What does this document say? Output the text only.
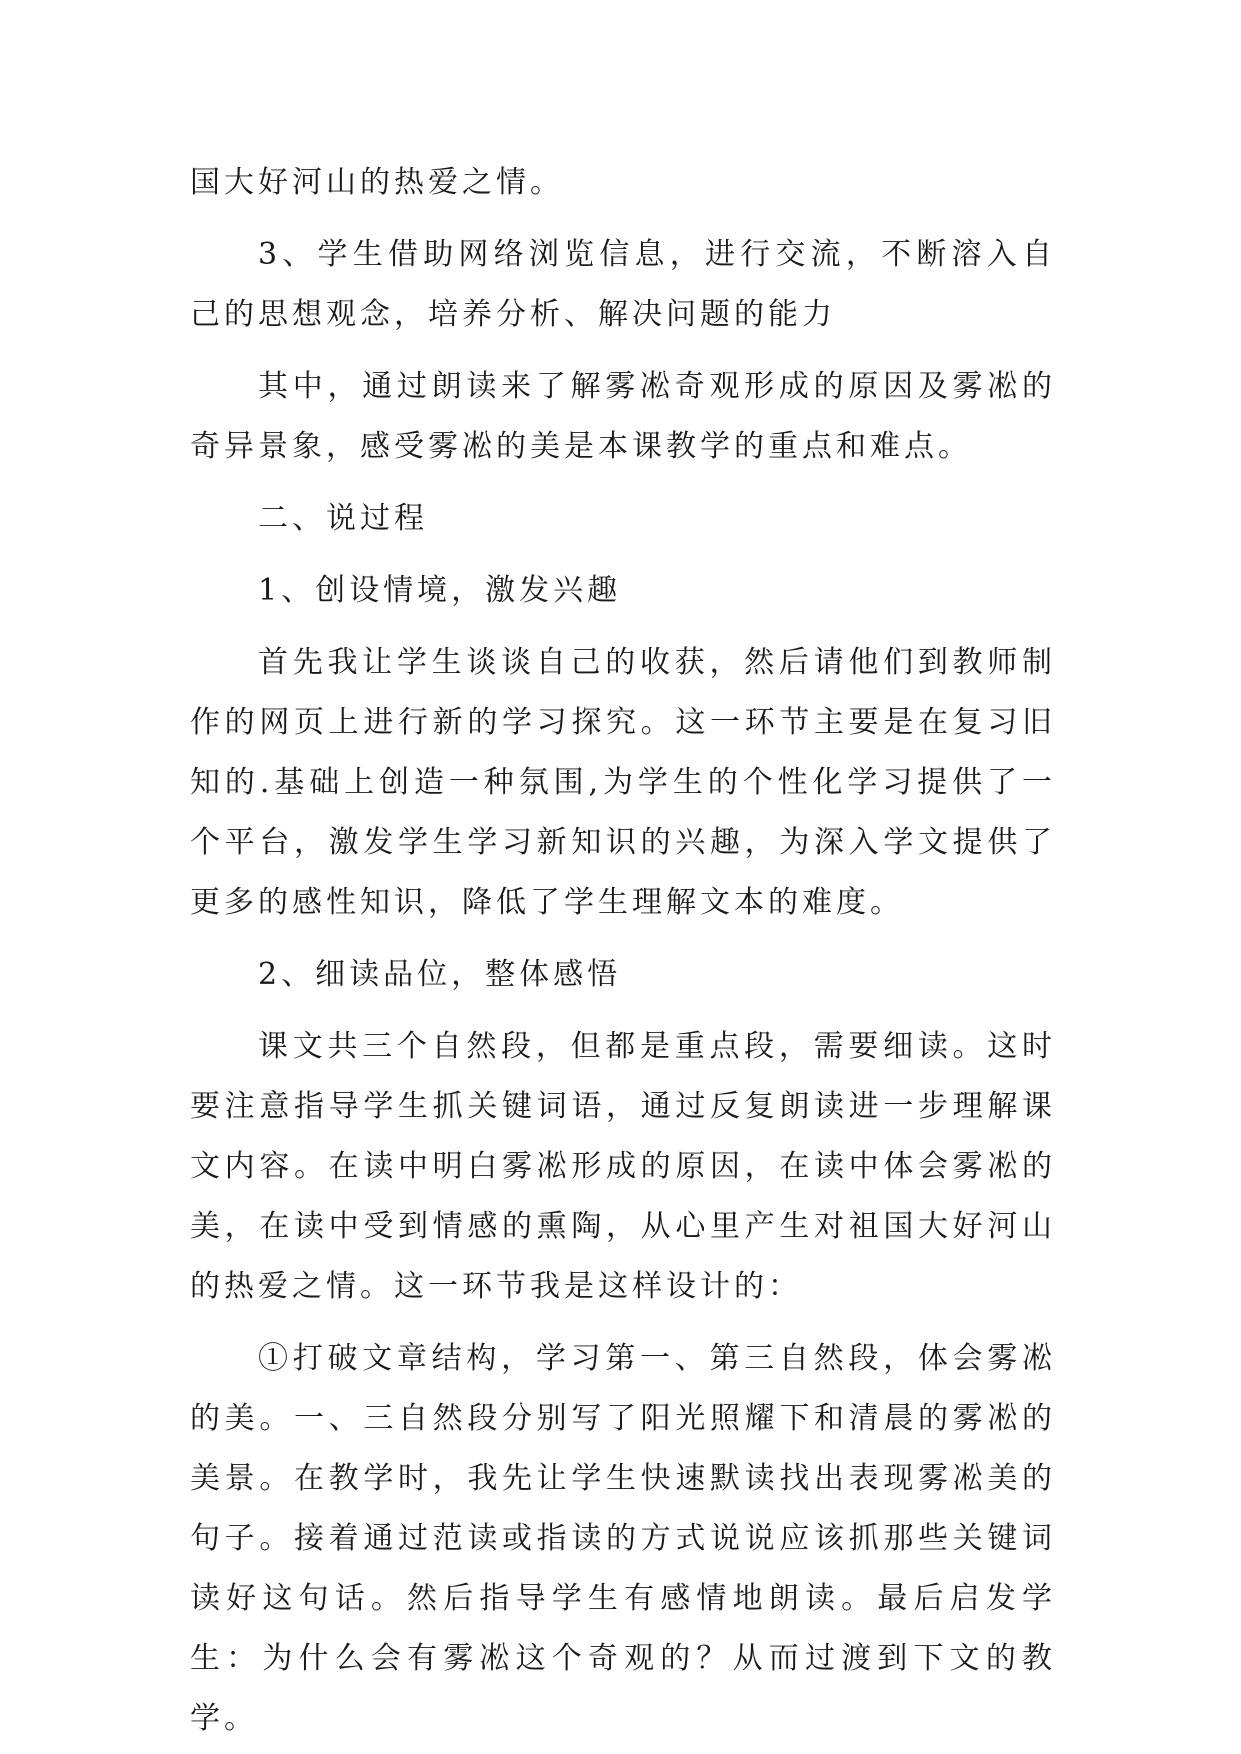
国大好河山的热爱之情。

3、学生借助网络浏览信息，进行交流，不断溶入自己的思想观念，培养分析、解决问题的能力

其中，通过朗读来了解雾凇奇观形成的原因及雾凇的奇异景象，感受雾凇的美是本课教学的重点和难点。

二、说过程

1、创设情境，激发兴趣

首先我让学生谈谈自己的收获，然后请他们到教师制作的网页上进行新的学习探究。这一环节主要是在复习旧知的.基础上创造一种氛围,为学生的个性化学习提供了一个平台，激发学生学习新知识的兴趣，为深入学文提供了更多的感性知识，降低了学生理解文本的难度。

2、细读品位，整体感悟

课文共三个自然段，但都是重点段，需要细读。这时要注意指导学生抓关键词语，通过反复朗读进一步理解课文内容。在读中明白雾凇形成的原因，在读中体会雾凇的美，在读中受到情感的熏陶，从心里产生对祖国大好河山的热爱之情。这一环节我是这样设计的：

①打破文章结构，学习第一、第三自然段，体会雾凇的美。一、三自然段分别写了阳光照耀下和清晨的雾凇的美景。在教学时，我先让学生快速默读找出表现雾凇美的句子。接着通过范读或指读的方式说说应该抓那些关键词读好这句话。然后指导学生有感情地朗读。最后启发学生：为什么会有雾凇这个奇观的？从而过渡到下文的教学。
